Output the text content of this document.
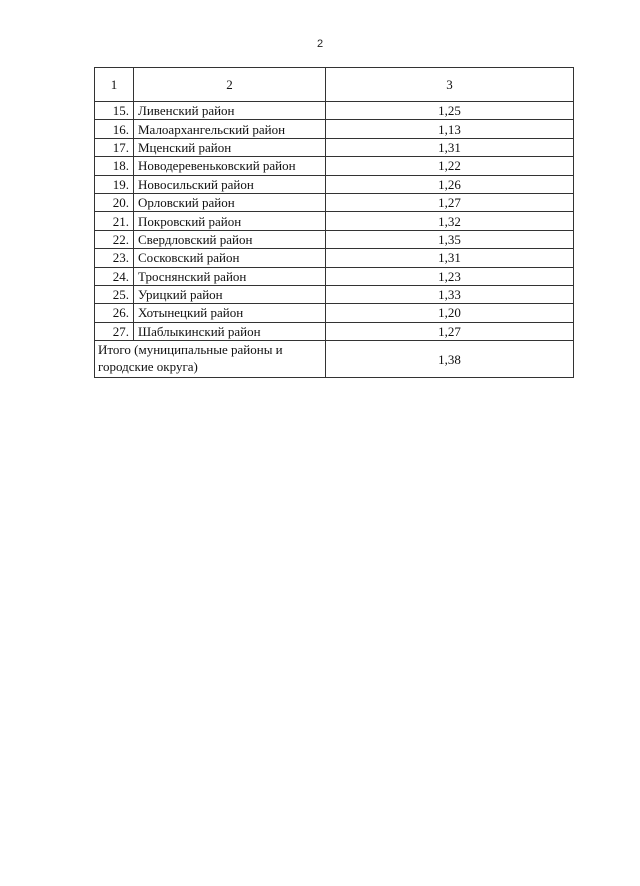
2
1	2	3
15.	Ливенский район	1,25
16.	Малоархангельский район	1,13
17.	Мценский район	1,31
18.	Новодеревеньковский район	1,22
19.	Новосильский район	1,26
20.	Орловский район	1,27
21.	Покровский район	1,32
22.	Свердловский район	1,35
23.	Сосковский район	1,31
24.	Троснянский район	1,23
25.	Урицкий район	1,33
26.	Хотынецкий район	1,20
27.	Шаблыкинский район	1,27
Итого (муниципальные районы и городские округа)		1,38
